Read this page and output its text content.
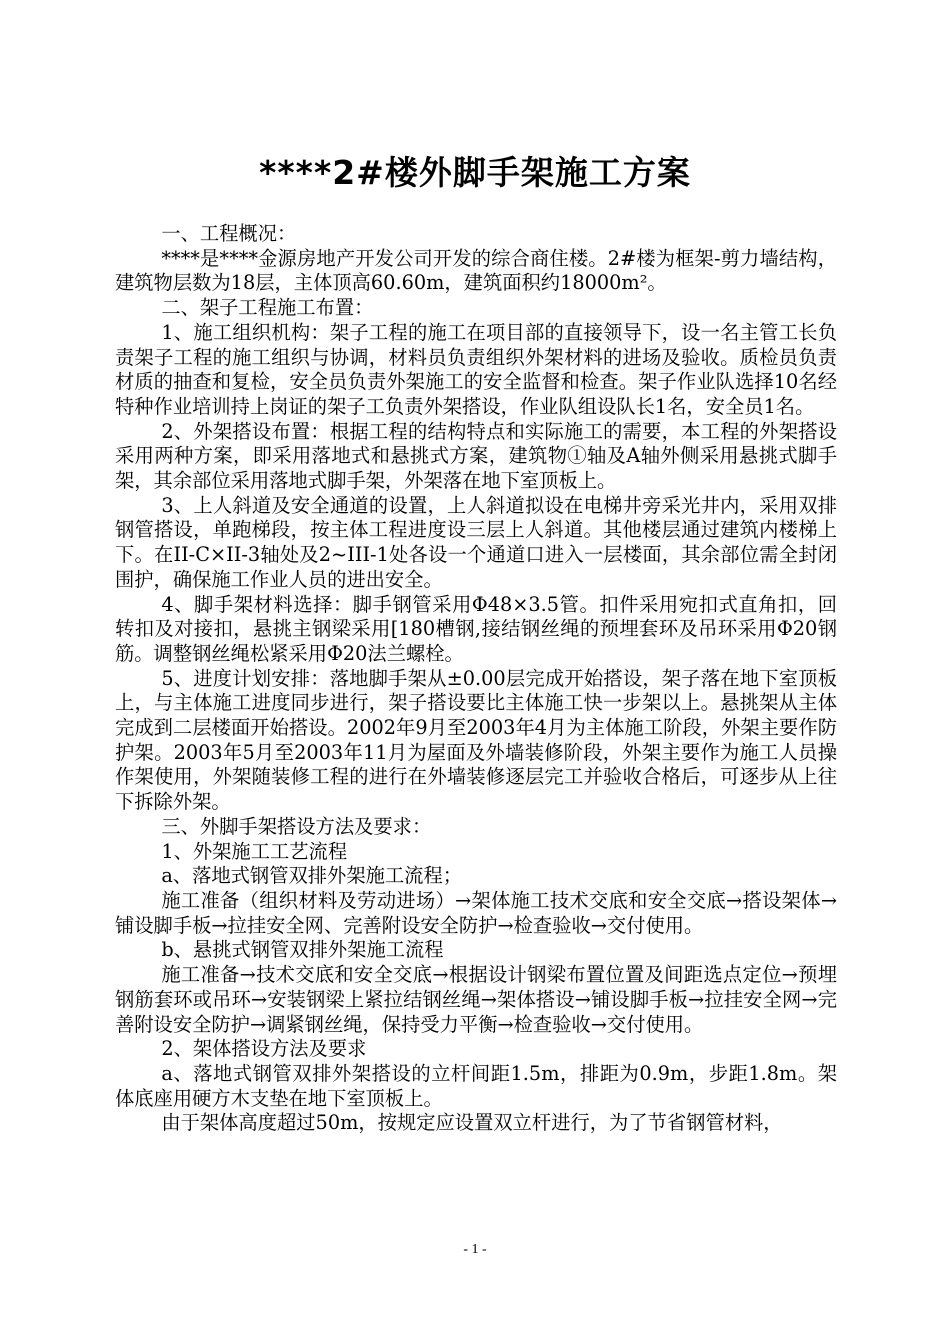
****2#楼外脚手架施工方案

一、工程概况：

****是****金源房地产开发公司开发的综合商住楼。2#楼为框架-剪力墙结构，建筑物层数为18层，主体顶高60.60m，建筑面积约18000m²。

二、架子工程施工布置：

1、施工组织机构：架子工程的施工在项目部的直接领导下，设一名主管工长负责架子工程的施工组织与协调，材料员负责组织外架材料的进场及验收。质检员负责材质的抽查和复检，安全员负责外架施工的安全监督和检查。架子作业队选择10名经特种作业培训持上岗证的架子工负责外架搭设，作业队组设队长1名，安全员1名。

2、外架搭设布置：根据工程的结构特点和实际施工的需要，本工程的外架搭设采用两种方案，即采用落地式和悬挑式方案，建筑物①轴及A轴外侧采用悬挑式脚手架，其余部位采用落地式脚手架，外架落在地下室顶板上。

3、上人斜道及安全通道的设置，上人斜道拟设在电梯井旁采光井内，采用双排钢管搭设，单跑梯段，按主体工程进度设三层上人斜道。其他楼层通过建筑内楼梯上下。在II-C×II-3轴处及2~III-1处各设一个通道口进入一层楼面，其余部位需全封闭围护，确保施工作业人员的进出安全。

4、脚手架材料选择：脚手钢管采用Φ48×3.5管。扣件采用宛扣式直角扣，回转扣及对接扣，悬挑主钢梁采用[180槽钢,接结钢丝绳的预埋套环及吊环采用Φ20钢筋。调整钢丝绳松紧采用Φ20法兰螺栓。

5、进度计划安排：落地脚手架从±0.00层完成开始搭设，架子落在地下室顶板上，与主体施工进度同步进行，架子搭设要比主体施工快一步架以上。悬挑架从主体完成到二层楼面开始搭设。2002年9月至2003年4月为主体施工阶段，外架主要作防护架。2003年5月至2003年11月为屋面及外墙装修阶段，外架主要作为施工人员操作架使用，外架随装修工程的进行在外墙装修逐层完工并验收合格后，可逐步从上往下拆除外架。

三、外脚手架搭设方法及要求：

1、外架施工工艺流程

a、落地式钢管双排外架施工流程；

施工准备（组织材料及劳动进场）→架体施工技术交底和安全交底→搭设架体→铺设脚手板→拉挂安全网、完善附设安全防护→检查验收→交付使用。

b、悬挑式钢管双排外架施工流程

施工准备→技术交底和安全交底→根据设计钢梁布置位置及间距选点定位→预埋钢筋套环或吊环→安装钢梁上紧拉结钢丝绳→架体搭设→铺设脚手板→拉挂安全网→完善附设安全防护→调紧钢丝绳，保持受力平衡→检查验收→交付使用。

2、架体搭设方法及要求

a、落地式钢管双排外架搭设的立杆间距1.5m，排距为0.9m，步距1.8m。架体底座用硬方木支垫在地下室顶板上。

由于架体高度超过50m，按规定应设置双立杆进行，为了节省钢管材料，

- 1 -
